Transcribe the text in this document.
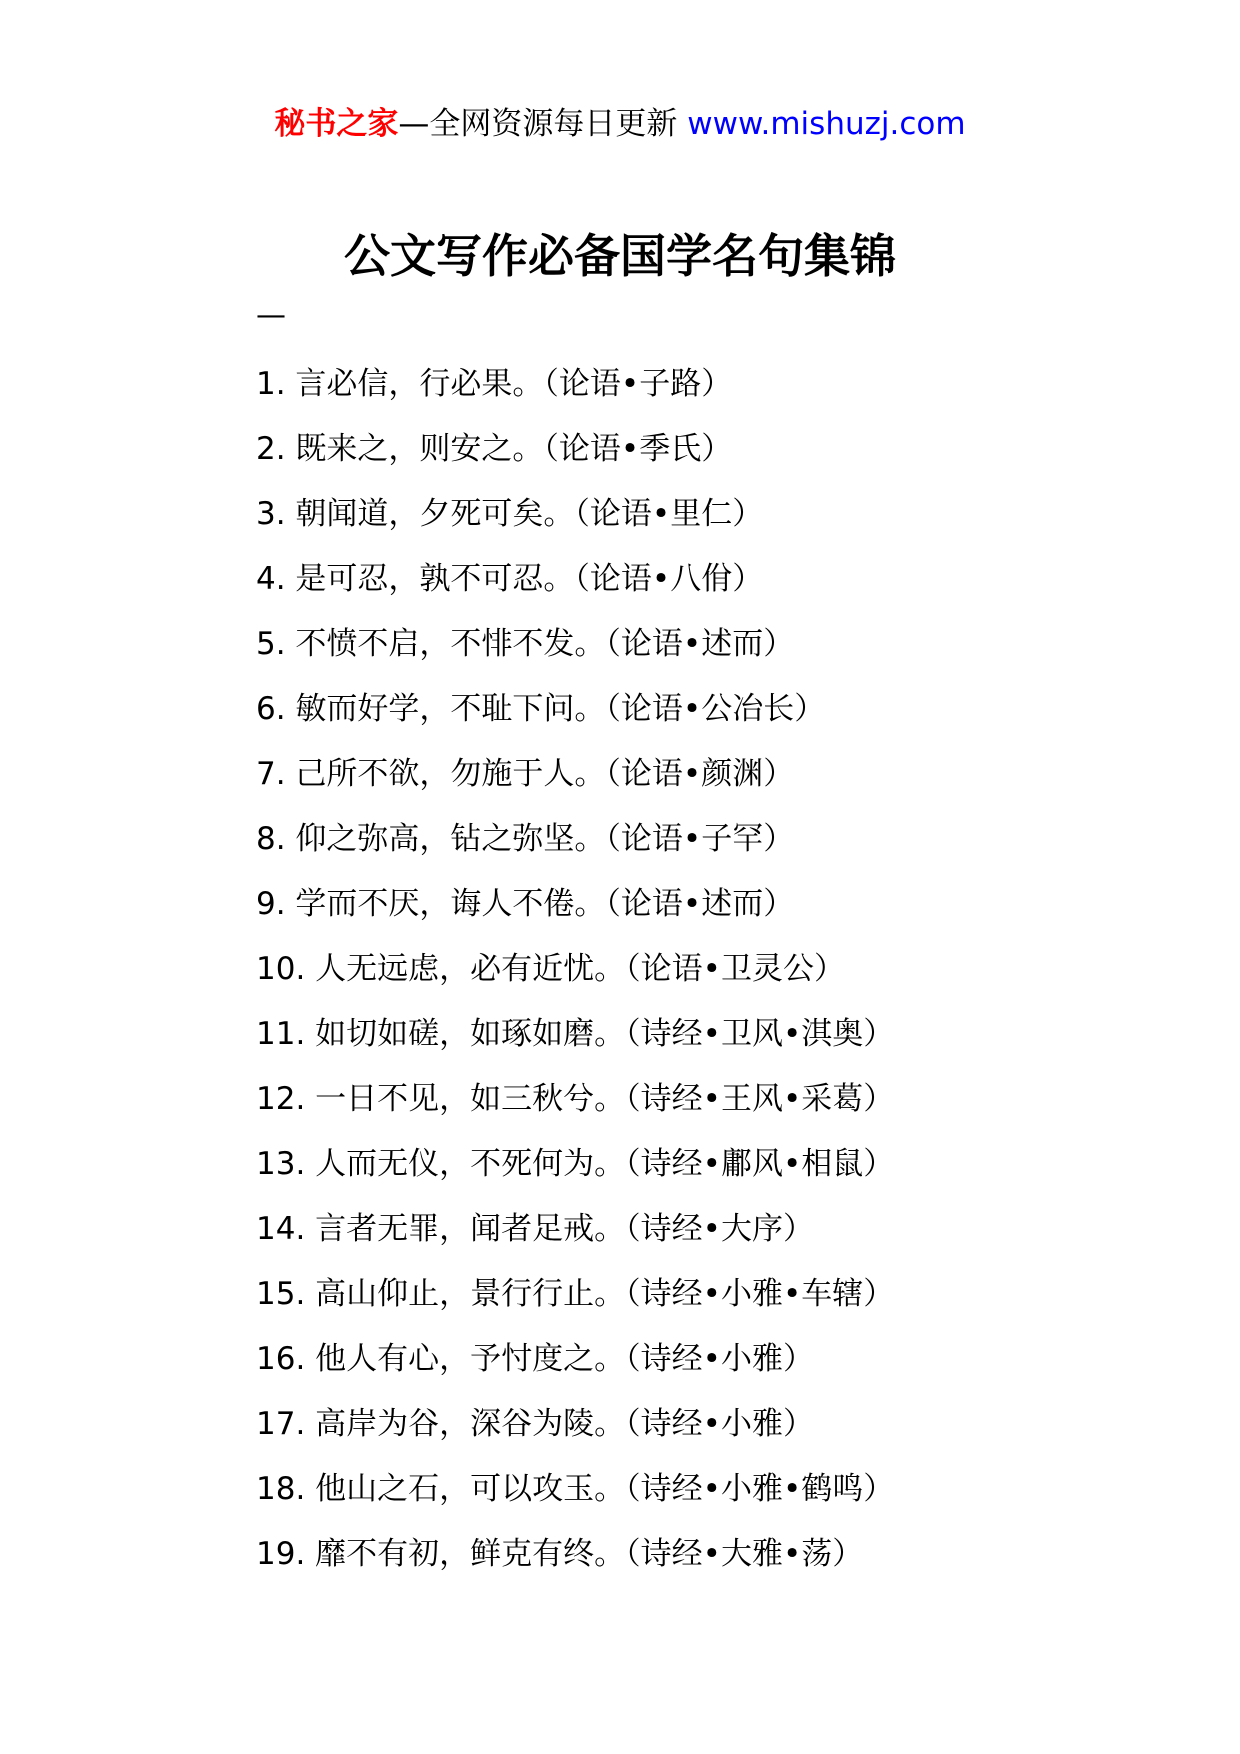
秘书之家—全网资源每日更新 www.mishuzj.com
公文写作必备国学名句集锦
—
1. 言必信，行必果。（论语•子路）
2. 既来之，则安之。（论语•季氏）
3. 朝闻道，夕死可矣。（论语•里仁）
4. 是可忍，孰不可忍。（论语•八佾）
5. 不愤不启，不悱不发。（论语•述而）
6. 敏而好学，不耻下问。（论语•公冶长）
7. 己所不欲，勿施于人。（论语•颜渊）
8. 仰之弥高，钻之弥坚。（论语•子罕）
9. 学而不厌，诲人不倦。（论语•述而）
10. 人无远虑，必有近忧。（论语•卫灵公）
11. 如切如磋，如琢如磨。（诗经•卫风•淇奥）
12. 一日不见，如三秋兮。（诗经•王风•采葛）
13. 人而无仪，不死何为。（诗经•鄘风•相鼠）
14. 言者无罪，闻者足戒。（诗经•大序）
15. 高山仰止，景行行止。（诗经•小雅•车辖）
16. 他人有心，予忖度之。（诗经•小雅）
17. 高岸为谷，深谷为陵。（诗经•小雅）
18. 他山之石，可以攻玉。（诗经•小雅•鹤鸣）
19. 靡不有初，鲜克有终。（诗经•大雅•荡）
